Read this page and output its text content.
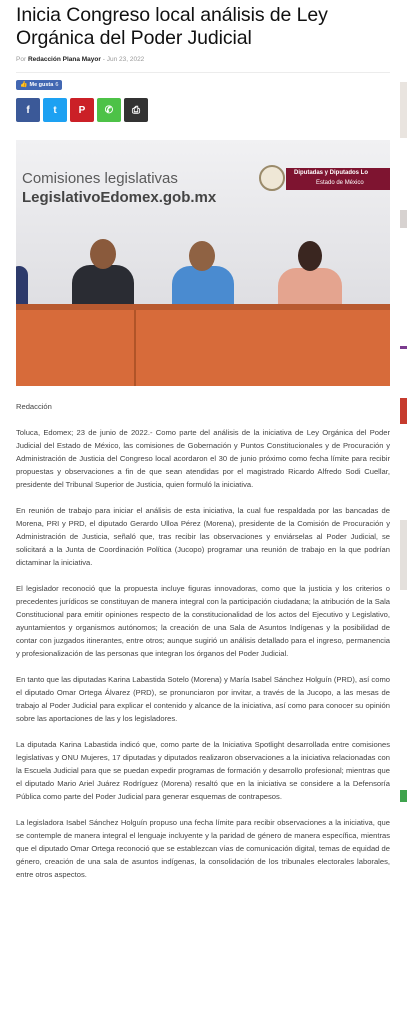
Inicia Congreso local análisis de Ley Orgánica del Poder Judicial
Por Redacción Plana Mayor - Jun 23, 2022
👍 Me gusta 6
f t P ✆ ⎙
Comisiones legislativas
LegislativoEdomex.gob.mx
Diputadas y Diputados Lo
Estado de México

Redacción

Toluca, Edomex; 23 de junio de 2022.- Como parte del análisis de la iniciativa de Ley Orgánica del Poder Judicial del Estado de México, las comisiones de Gobernación y Puntos Constitucionales y de Procuración y Administración de Justicia del Congreso local acordaron el 30 de junio próximo como fecha límite para recibir propuestas y observaciones a fin de que sean atendidas por el magistrado Ricardo Alfredo Sodi Cuellar, presidente del Tribunal Superior de Justicia, quien formuló la iniciativa.

En reunión de trabajo para iniciar el análisis de esta iniciativa, la cual fue respaldada por las bancadas de Morena, PRI y PRD, el diputado Gerardo Ulloa Pérez (Morena), presidente de la Comisión de Procuración y Administración de Justicia, señaló que, tras recibir las observaciones y enviárselas al Poder Judicial, se solicitará a la Junta de Coordinación Política (Jucopo) programar una reunión de trabajo en la que podrían dictaminar la iniciativa.

El legislador reconoció que la propuesta incluye figuras innovadoras, como que la justicia y los criterios o precedentes jurídicos se constituyan de manera integral con la participación ciudadana; la atribución de la Sala Constitucional para emitir opiniones respecto de la constitucionalidad de los actos del Ejecutivo y Legislativo, ayuntamientos y organismos autónomos; la creación de una Sala de Asuntos Indígenas y la posibilidad de contar con juzgados itinerantes, entre otros; aunque sugirió un análisis detallado para el ingreso, permanencia y profesionalización de las personas que integran los órganos del Poder Judicial.

En tanto que las diputadas Karina Labastida Sotelo (Morena) y María Isabel Sánchez Holguín (PRD), así como el diputado Omar Ortega Álvarez (PRD), se pronunciaron por invitar, a través de la Jucopo, a las mesas de trabajo al Poder Judicial para explicar el contenido y alcance de la iniciativa, así como para conocer su opinión sobre las aportaciones de las y los legisladores.

La diputada Karina Labastida indicó que, como parte de la Iniciativa Spotlight desarrollada entre comisiones legislativas y ONU Mujeres, 17 diputadas y diputados realizaron observaciones a la iniciativa relacionadas con la Escuela Judicial para que se puedan expedir programas de formación y desarrollo profesional; mientras que el diputado Mario Ariel Juárez Rodríguez (Morena) resaltó que en la iniciativa se considere a la Defensoría Pública como parte del Poder Judicial para generar esquemas de contrapesos.

La legisladora Isabel Sánchez Holguín propuso una fecha límite para recibir observaciones a la iniciativa, que se contemple de manera integral el lenguaje incluyente y la paridad de género de manera específica, mientras que el diputado Omar Ortega reconoció que se establezcan vías de comunicación digital, temas de equidad de género, creación de una sala de asuntos indígenas, la consolidación de los tribunales electorales laborales, entre otros aspectos.
